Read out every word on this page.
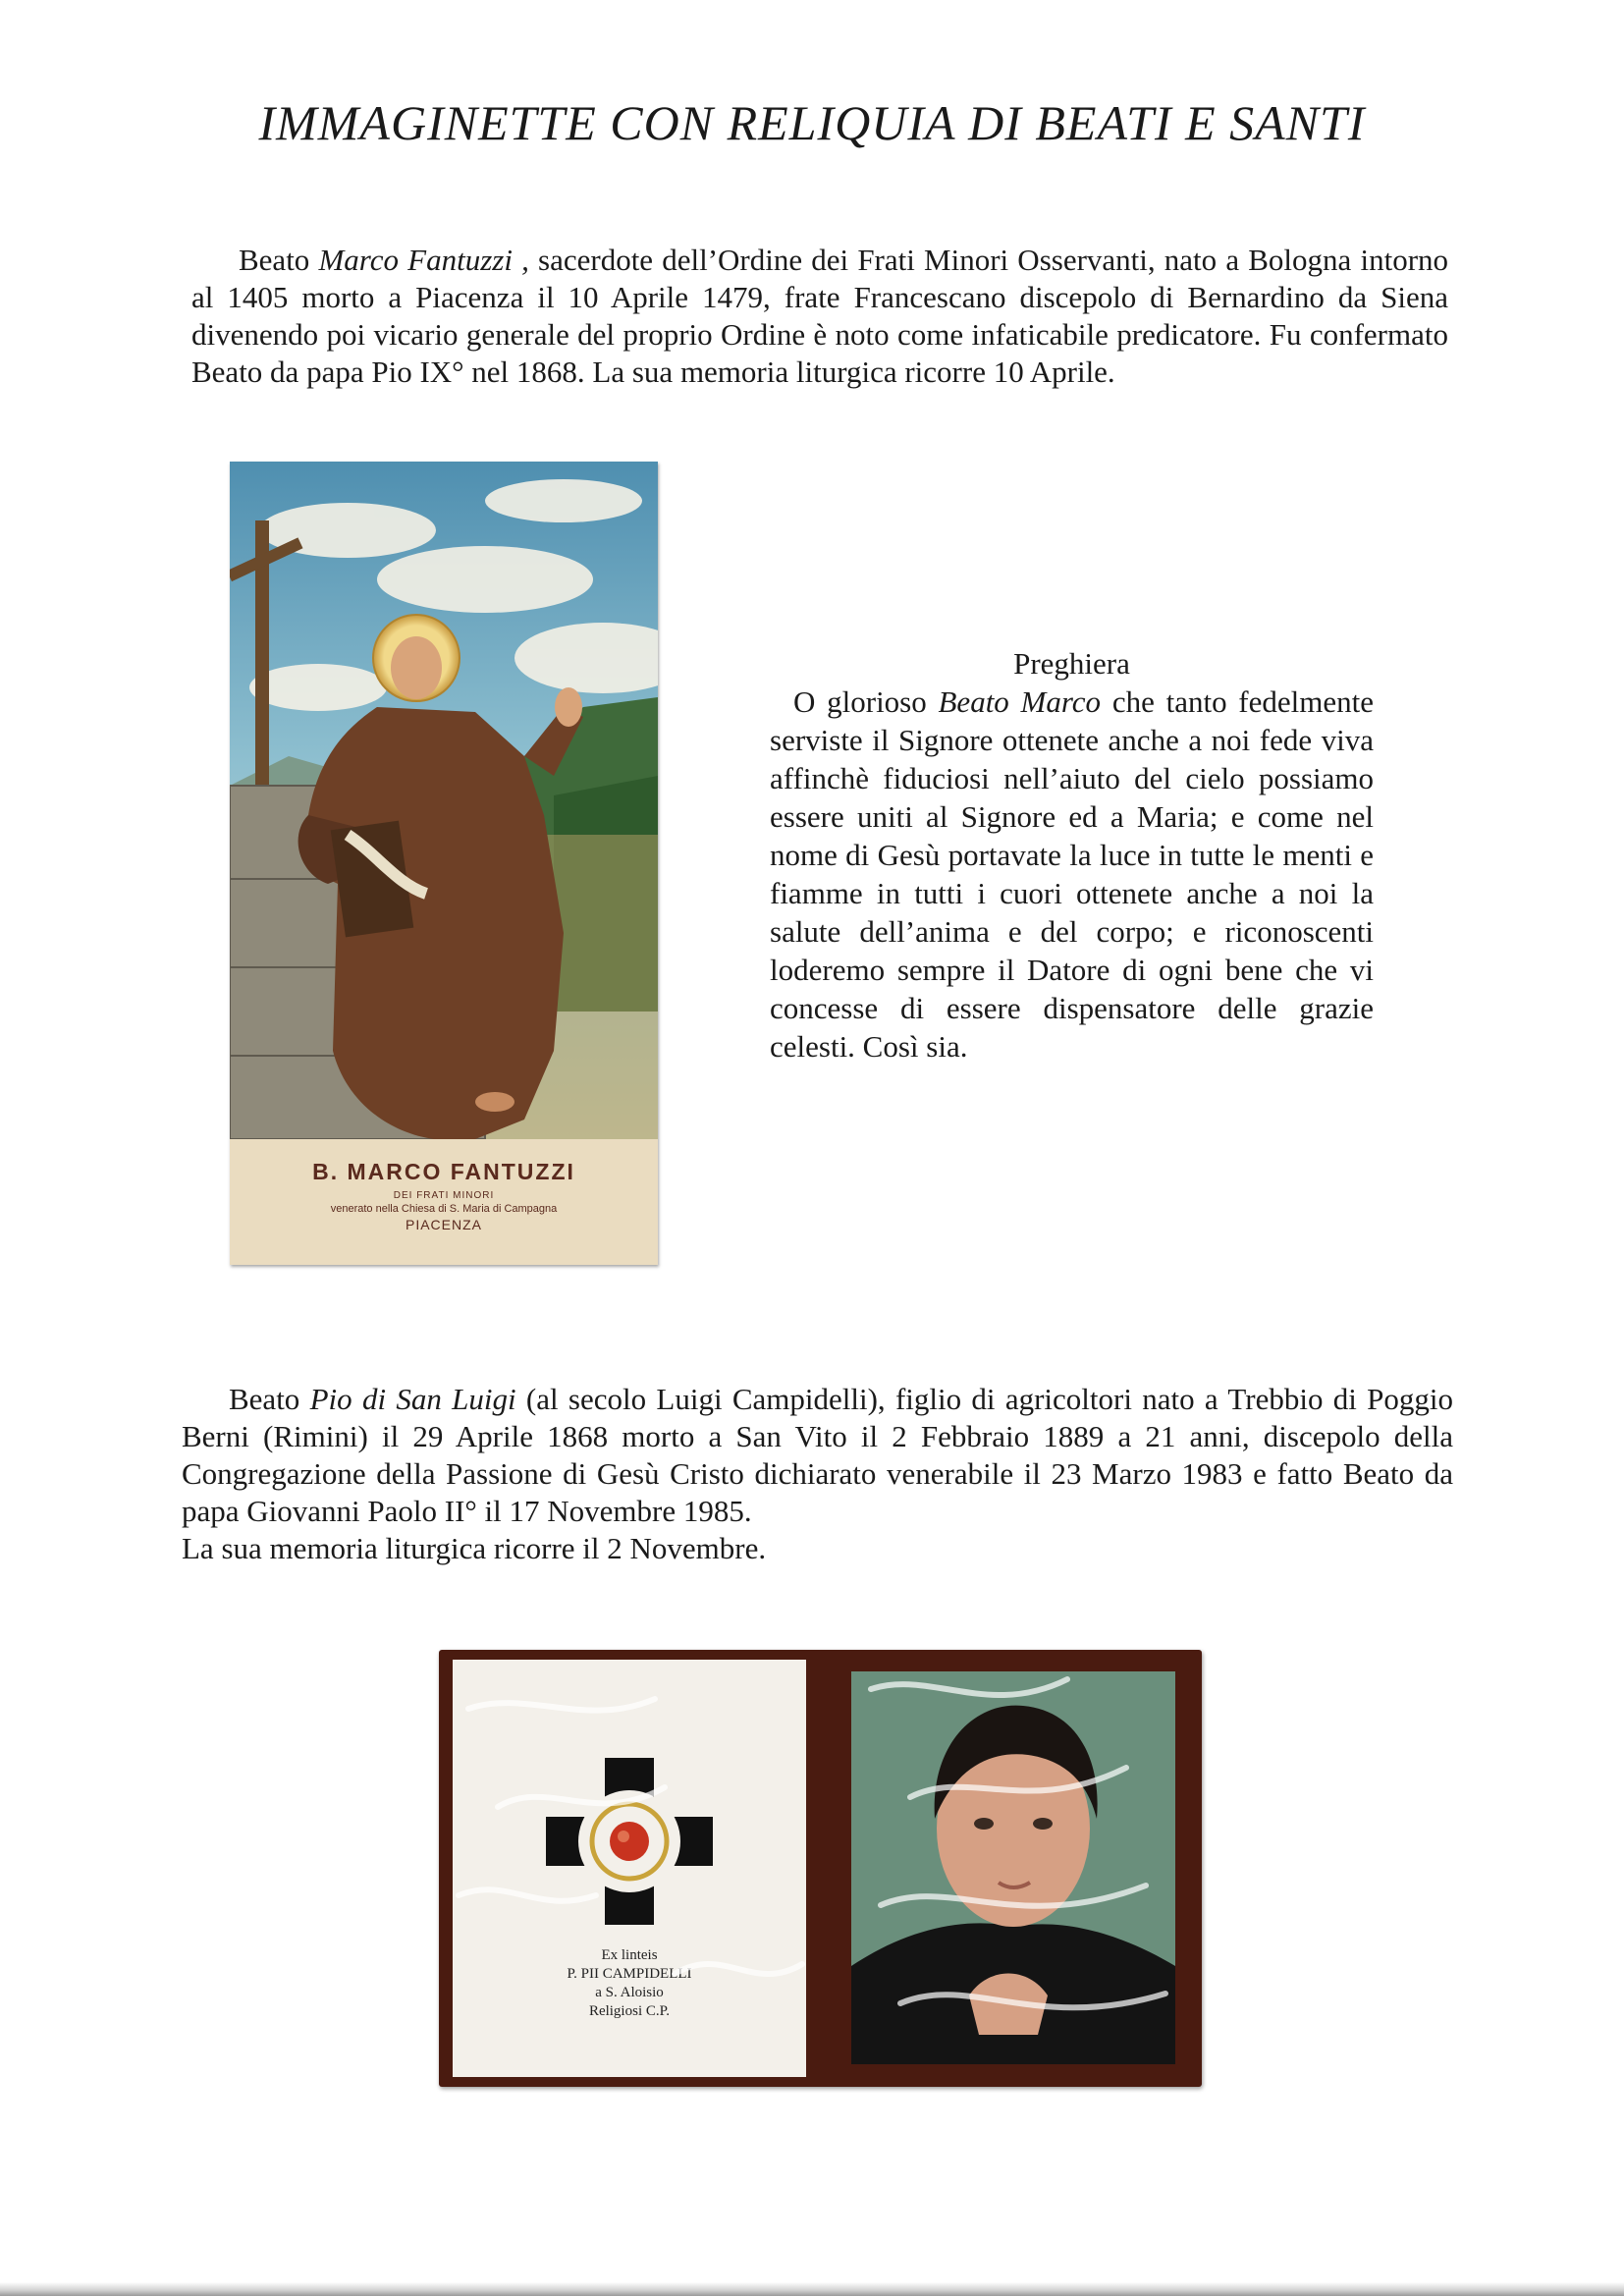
IMMAGINETTE CON RELIQUIA DI BEATI E SANTI
Beato Marco Fantuzzi , sacerdote dell’Ordine dei Frati Minori Osservanti, nato a Bologna intorno al 1405 morto a Piacenza il 10 Aprile 1479, frate Francescano discepolo di Bernardino da Siena divenendo poi vicario generale del proprio Ordine è noto come infaticabile predicatore. Fu confermato Beato da papa Pio IX° nel 1868. La sua memoria liturgica ricorre 10 Aprile.
B. MARCO FANTUZZI
DEI FRATI MINORI
venerato nella Chiesa di S. Maria di Campagna
PIACENZA
Preghiera
O glorioso Beato Marco che tanto fedelmente serviste il Signore ottenete anche a noi fede viva affinchè fiduciosi nell’aiuto del cielo possiamo essere uniti al Signore ed a Maria; e come nel nome di Gesù portavate la luce in tutte le menti e fiamme in tutti i cuori ottenete anche a noi la salute dell’anima e del corpo; e riconoscenti loderemo sempre il Datore di ogni bene che vi concesse di essere dispensatore delle grazie celesti. Così sia.
Beato Pio di San Luigi (al secolo Luigi Campidelli), figlio di agricoltori nato a Trebbio di Poggio Berni (Rimini) il 29 Aprile 1868 morto a San Vito il 2 Febbraio 1889 a 21 anni, discepolo della Congregazione della Passione di Gesù Cristo dichiarato venerabile il 23 Marzo 1983 e fatto Beato da papa Giovanni Paolo II° il 17 Novembre 1985.
La sua memoria liturgica ricorre il 2 Novembre.
Ex linteis
P. PII CAMPIDELLI
a S. Aloisio
Religiosi C.P.
